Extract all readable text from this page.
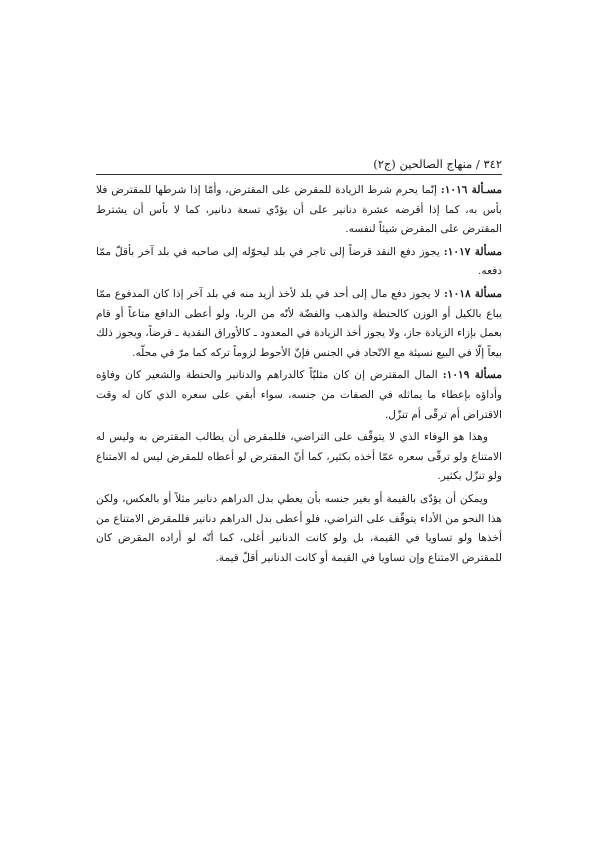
٣٤٢ / منهاج الصالحين (ج٢)

مسـألة ١٠١٦: إنّما يحرم شرط الزيادة للمقرض على المقترض، وأمّا إذا شرطها للمقترض فلا بأس به، كما إذا أقرضه عشرة دنانير على أن يؤدّي تسعة دنانير، كما لا بأس أن يشترط المقترض على المقرض شيئاً لنفسه.

مسألة ١٠١٧: يجوز دفع النقد قرضاً إلى تاجر في بلد ليحوّله إلى صاحبه في بلد آخر بأقلّ ممّا دفعه.

مسألة ١٠١٨: لا يجوز دفع مال إلى أحد في بلد لأخذ أزيد منه في بلد آخر إذا كان المدفوع ممّا يباع بالكيل أو الوزن كالحنطة والذهب والفضّة لأنّه من الربا، ولو أعطى الدافع متاعاً أو قام بعمل بإزاء الزيادة جاز، ولا يجوز أخذ الزيادة في المعدود ـ كالأوراق النقدية ـ قرضاً، ويجوز ذلك بيعاً إلّا في البيع نسيئة مع الاتّحاد في الجنس فإنّ الأحوط لزوماً تركه كما مرّ في محلّه.

مسألة ١٠١٩: المال المقترض إن كان مثليّاً كالدراهم والدنانير والحنطة والشعير كان وفاؤه وأداؤه بإعطاء ما يماثله في الصفات من جنسه، سواء أبقي على سعره الذي كان له وقت الاقتراض أم ترقّى أم تنزّل.

وهذا هو الوفاء الذي لا يتوقّف على التراضي، فللمقرض أن يطالب المقترض به وليس له الامتناع ولو ترقّى سعره عمّا أخذه بكثير، كما أنّ المقترض لو أعطاه للمقرض ليس له الامتناع ولو تنزّل بكثير.

ويمكن أن يؤدّى بالقيمة أو بغير جنسه بأن يعطي بدل الدراهم دنانير مثلاً أو بالعكس، ولكن هذا النحو من الأداء يتوقّف على التراضي، فلو أعطى بدل الدراهم دنانير فللمقرض الامتناع من أخذها ولو تساويا في القيمة، بل ولو كانت الدنانير أغلى، كما أنّه لو أراده المقرض كان للمقترض الامتناع وإن تساويا في القيمة أو كانت الدنانير أقلّ قيمة.
